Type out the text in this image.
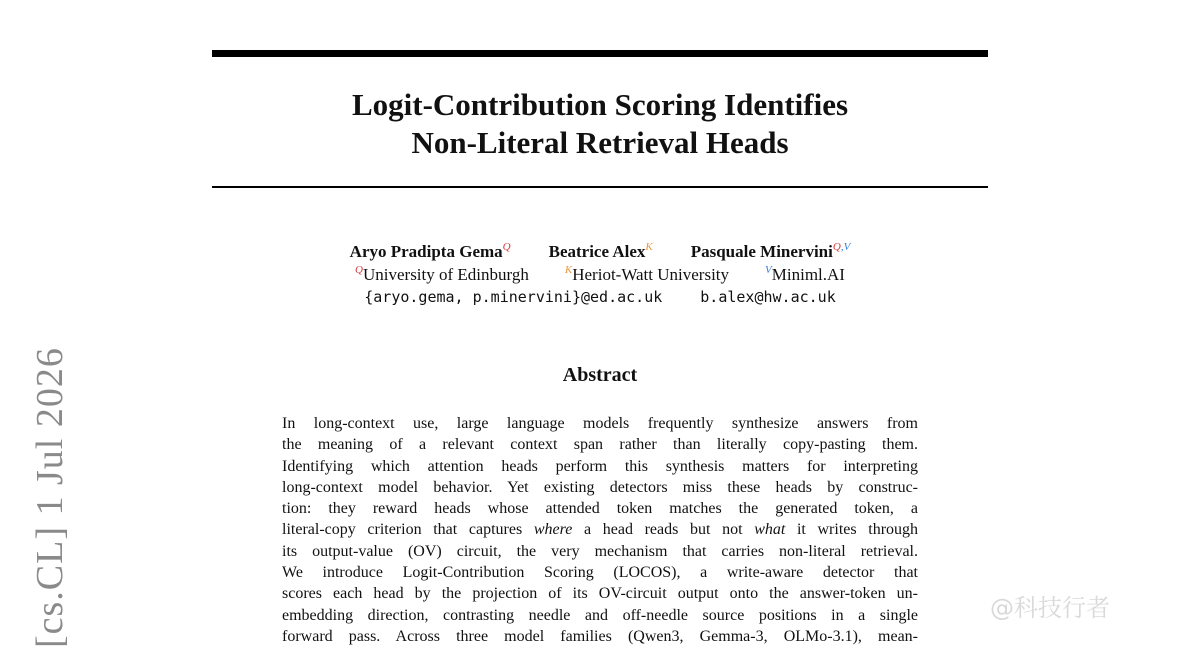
Logit-Contribution Scoring Identifies
Non-Literal Retrieval Heads
Aryo Pradipta Gema$^Q$ Beatrice Alex$^K$ Pasquale Minervini$^{Q,V}$
$^Q$University of Edinburgh	$^K$Heriot-Watt University	$^V$Miniml.AI
{aryo.gema, p.minervini}@ed.ac.uk	b.alex@hw.ac.uk
Abstract
In long-context use, large language models frequently synthesize answers from
the meaning of a relevant context span rather than literally copy-pasting them.
Identifying which attention heads perform this synthesis matters for interpreting
long-context model behavior. Yet existing detectors miss these heads by construc-
tion: they reward heads whose attended token matches the generated token, a
literal-copy criterion that captures where a head reads but not what it writes through
its output-value (OV) circuit, the very mechanism that carries non-literal retrieval.
We introduce Logit-Contribution Scoring (LOCOS), a write-aware detector that
scores each head by the projection of its OV-circuit output onto the answer-token un-
embedding direction, contrasting needle and off-needle source positions in a single
forward pass. Across three model families (Qwen3, Gemma-3, OLMo-3.1), mean-
[cs.CL] 1 Jul 2026	@科技行者
